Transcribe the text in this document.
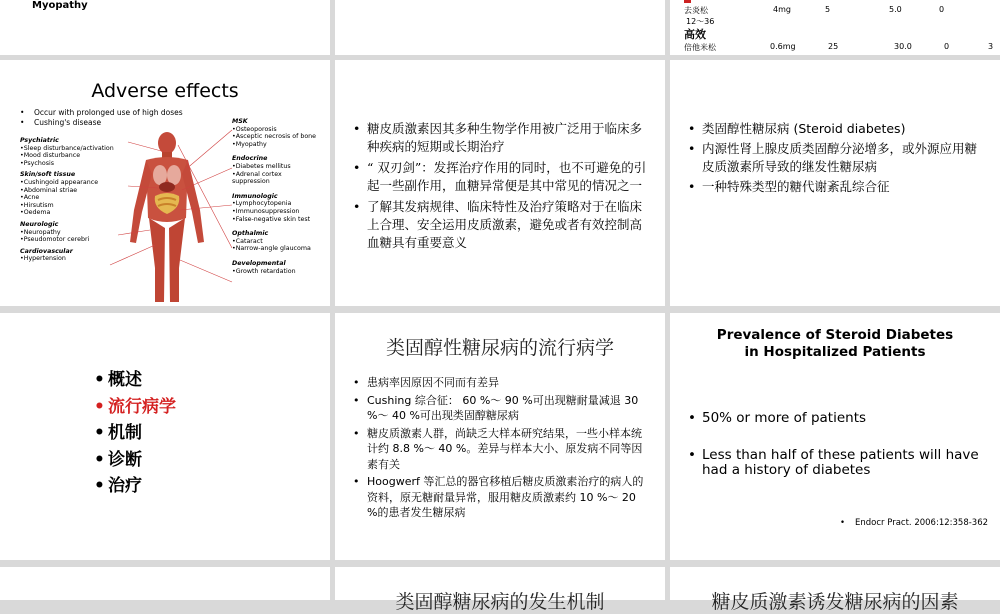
Myopathy	去炎松	4mg	5	5.0	0
12～36
高效
倍他米松	0.6mg	25	30.0	0	3
Adverse effects
• Occur with prolonged use of high doses
• Cushing's disease
Psychiatric
•Sleep disturbance/activation
•Mood disturbance
•Psychosis
Skin/soft tissue
•Cushingoid appearance
•Abdominal striae
•Acne
•Hirsutism
•Oedema
Neurologic
•Neuropathy
•Pseudomotor cerebri
Cardiovascular
•Hypertension
MSK
•Osteoporosis
•Asceptic necrosis of bone
•Myopathy
Endocrine
•Diabetes mellitus
•Adrenal cortex
suppression
Immunologic
•Lymphocytopenia
•Immunosuppression
•False-negative skin test
Opthalmic
•Cataract
•Narrow-angle glaucoma
Developmental
•Growth retardation
• 糖皮质激素因其多种生物学作用被广泛用于临床多种疾病的短期或长期治疗
• “ 双刃剑”：发挥治疗作用的同时，也不可避免的引起一些副作用，血糖异常便是其中常见的情况之一
• 了解其发病规律、临床特性及治疗策略对于在临床上合理、安全运用皮质激素，避免或者有效控制高血糖具有重要意义
• 类固醇性糖尿病 (Steroid diabetes)
• 内源性肾上腺皮质类固醇分泌增多，或外源应用糖皮质激素所导致的继发性糖尿病
• 一种特殊类型的糖代谢紊乱综合征
• 概述
• 流行病学
• 机制
• 诊断
• 治疗
类固醇性糖尿病的流行病学
• 患病率因原因不同而有差异
• Cushing 综合征： 60 %～ 90 %可出现糖耐量减退 30 %～ 40 %可出现类固醇糖尿病
• 糖皮质激素人群，尚缺乏大样本研究结果，一些小样本统计约 8.8 %～ 40 %。差异与样本大小、原发病不同等因素有关
• Hoogwerf 等汇总的器官移植后糖皮质激素治疗的病人的资料，原无糖耐量异常，服用糖皮质激素约 10 %～ 20 %的患者发生糖尿病
Prevalence of Steroid Diabetes in Hospitalized Patients
• 50% or more of patients
• Less than half of these patients will have had a history of diabetes
• Endocr Pract. 2006:12:358-362
类固醇糖尿病的发生机制	糖皮质激素诱发糖尿病的因素
